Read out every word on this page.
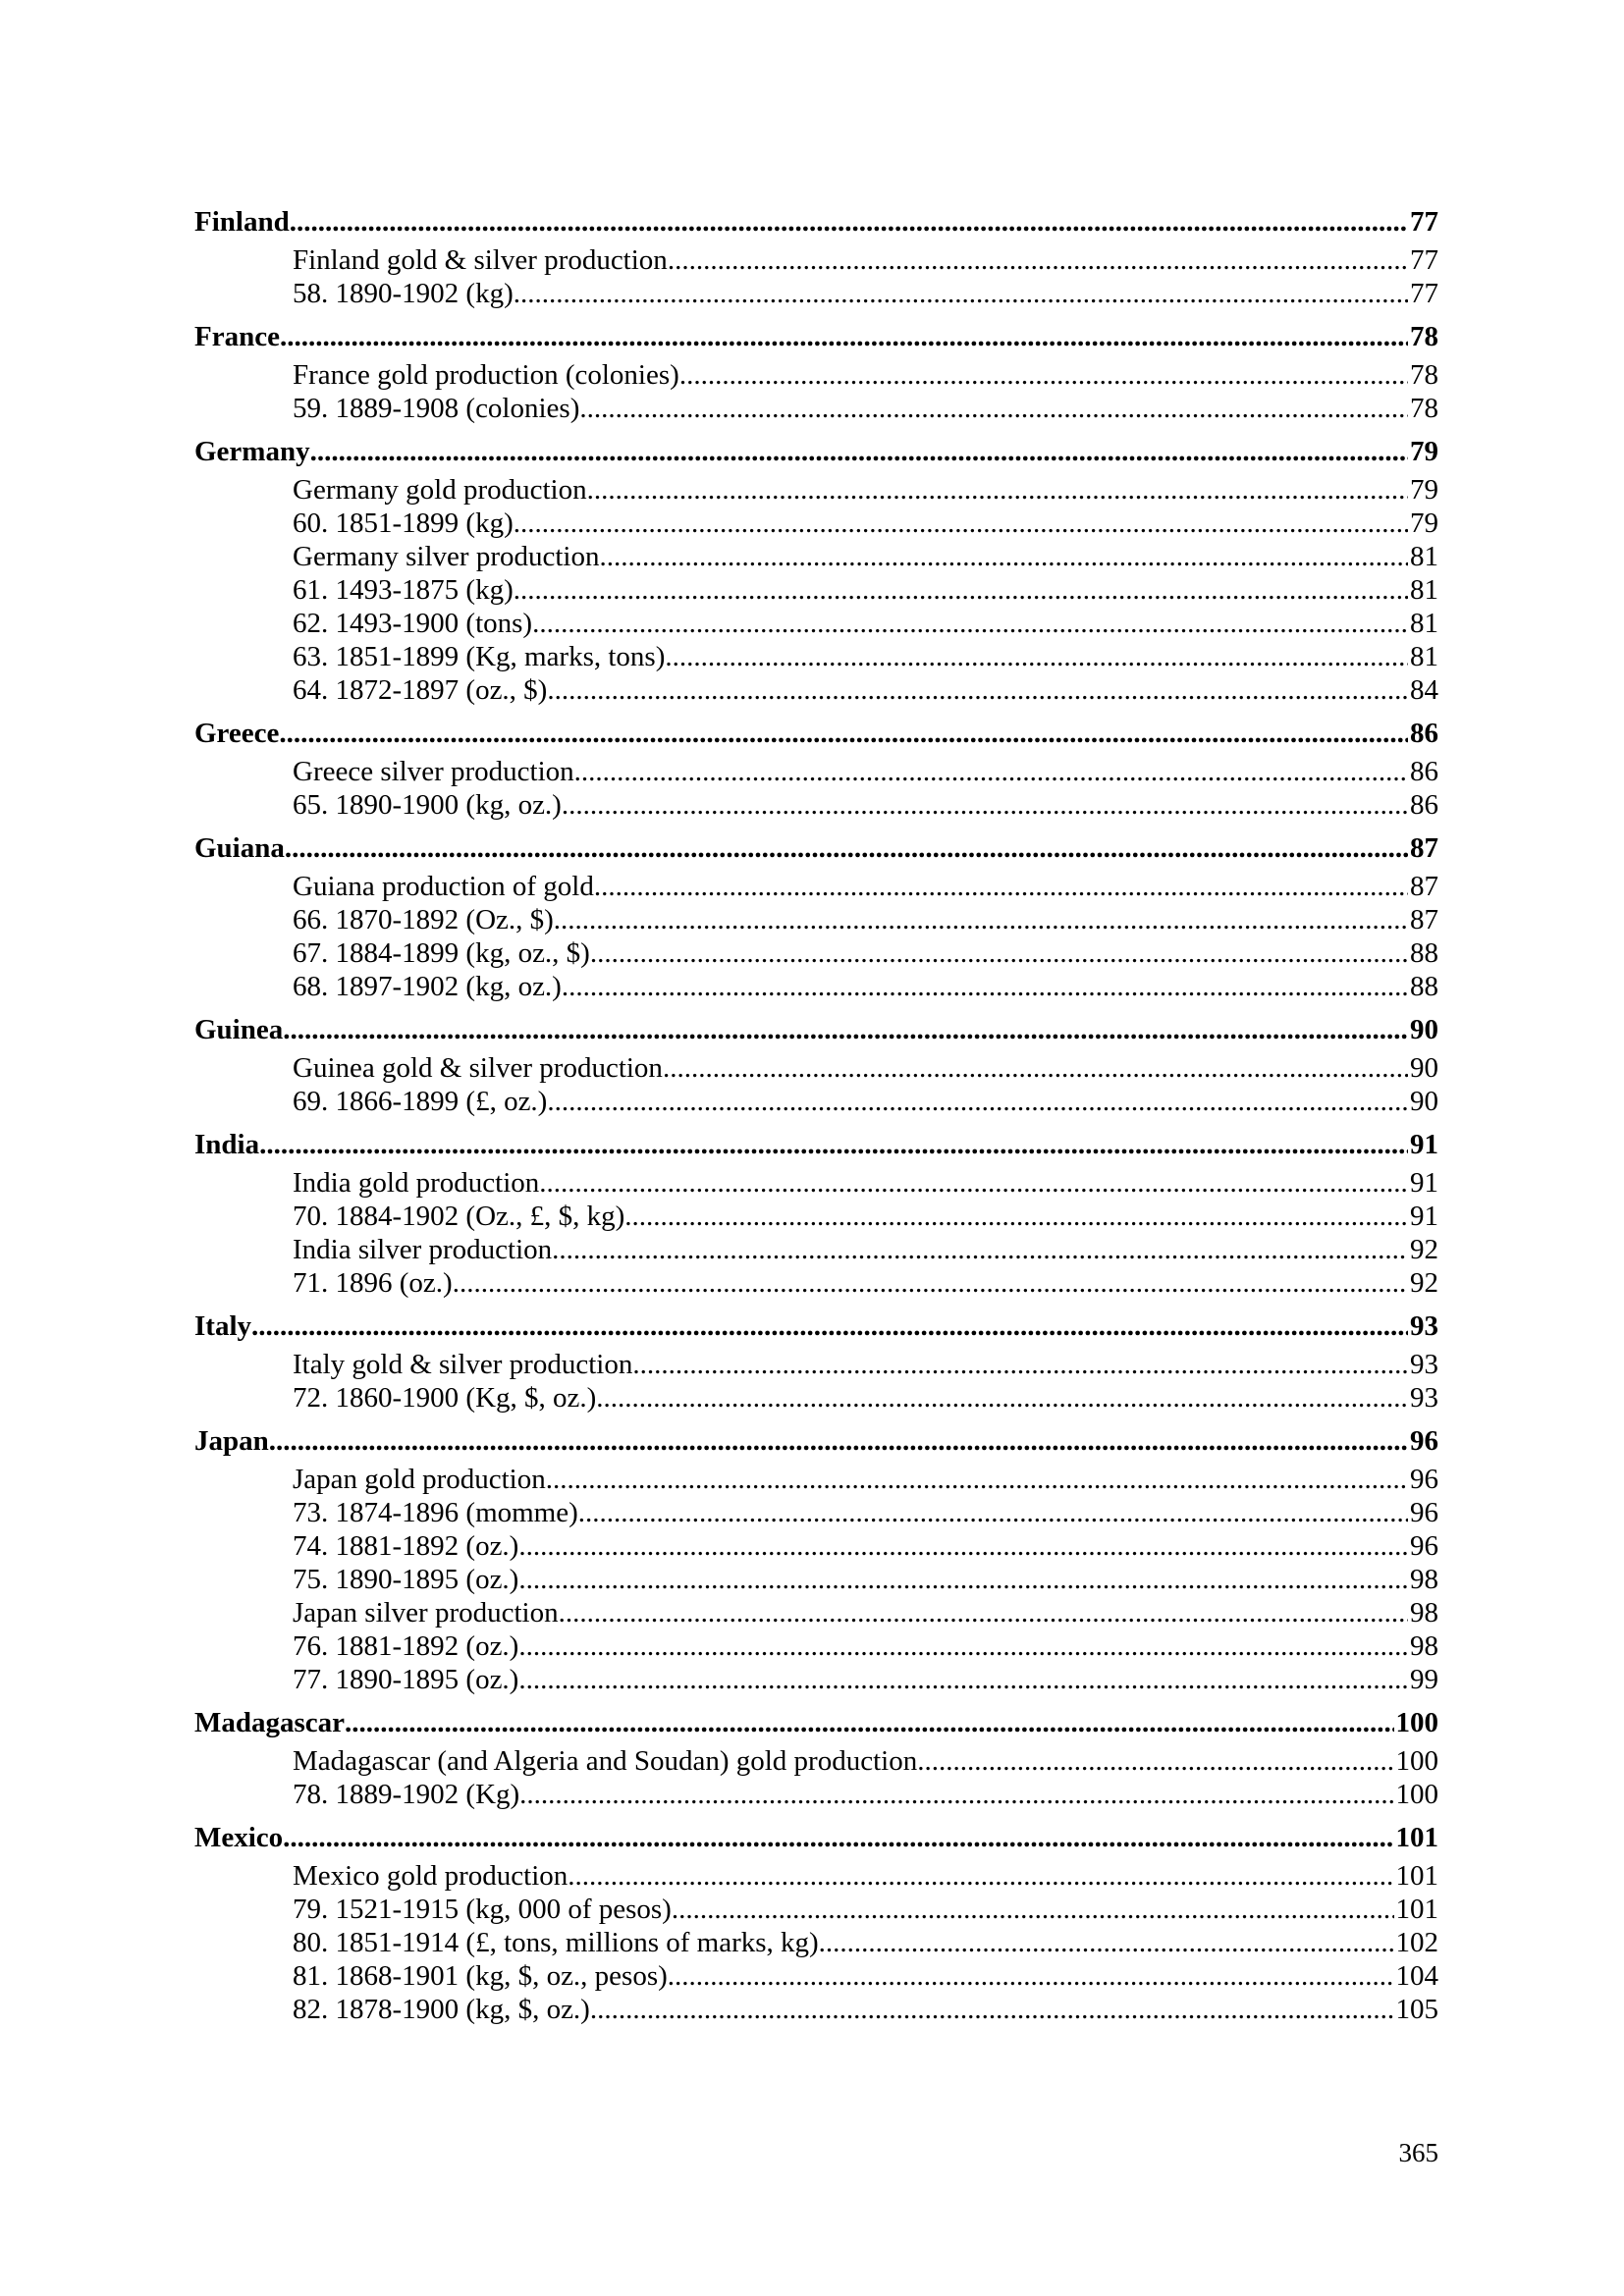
Finland .....	77
Finland gold & silver production .....	77
58. 1890-1902 (kg) .....	77
France .....	78
France gold production (colonies) .....	78
59. 1889-1908 (colonies) .....	78
Germany .....	79
Germany gold production .....	79
60. 1851-1899 (kg) .....	79
Germany silver production .....	81
61. 1493-1875 (kg) .....	81
62. 1493-1900 (tons) .....	81
63. 1851-1899 (Kg, marks, tons) .....	81
64. 1872-1897 (oz., $) .....	84
Greece .....	86
Greece silver production .....	86
65. 1890-1900 (kg, oz.) .....	86
Guiana .....	87
Guiana production of gold .....	87
66. 1870-1892 (Oz., $) .....	87
67. 1884-1899 (kg, oz., $) .....	88
68. 1897-1902 (kg, oz.) .....	88
Guinea .....	90
Guinea gold & silver production .....	90
69. 1866-1899 (£, oz.) .....	90
India .....	91
India gold production .....	91
70. 1884-1902 (Oz., £, $, kg) .....	91
India silver production .....	92
71. 1896 (oz.) .....	92
Italy .....	93
Italy gold & silver production .....	93
72. 1860-1900 (Kg, $, oz.) .....	93
Japan .....	96
Japan gold production .....	96
73. 1874-1896 (momme) .....	96
74. 1881-1892 (oz.) .....	96
75. 1890-1895 (oz.) .....	98
Japan silver production .....	98
76. 1881-1892 (oz.) .....	98
77. 1890-1895 (oz.) .....	99
Madagascar .....	100
Madagascar (and Algeria and Soudan) gold production .....	100
78. 1889-1902 (Kg) .....	100
Mexico .....	101
Mexico gold production .....	101
79. 1521-1915 (kg, 000 of pesos) .....	101
80. 1851-1914 (£, tons, millions of marks, kg) .....	102
81. 1868-1901 (kg, $, oz., pesos) .....	104
82. 1878-1900 (kg, $, oz.) .....	105
365
